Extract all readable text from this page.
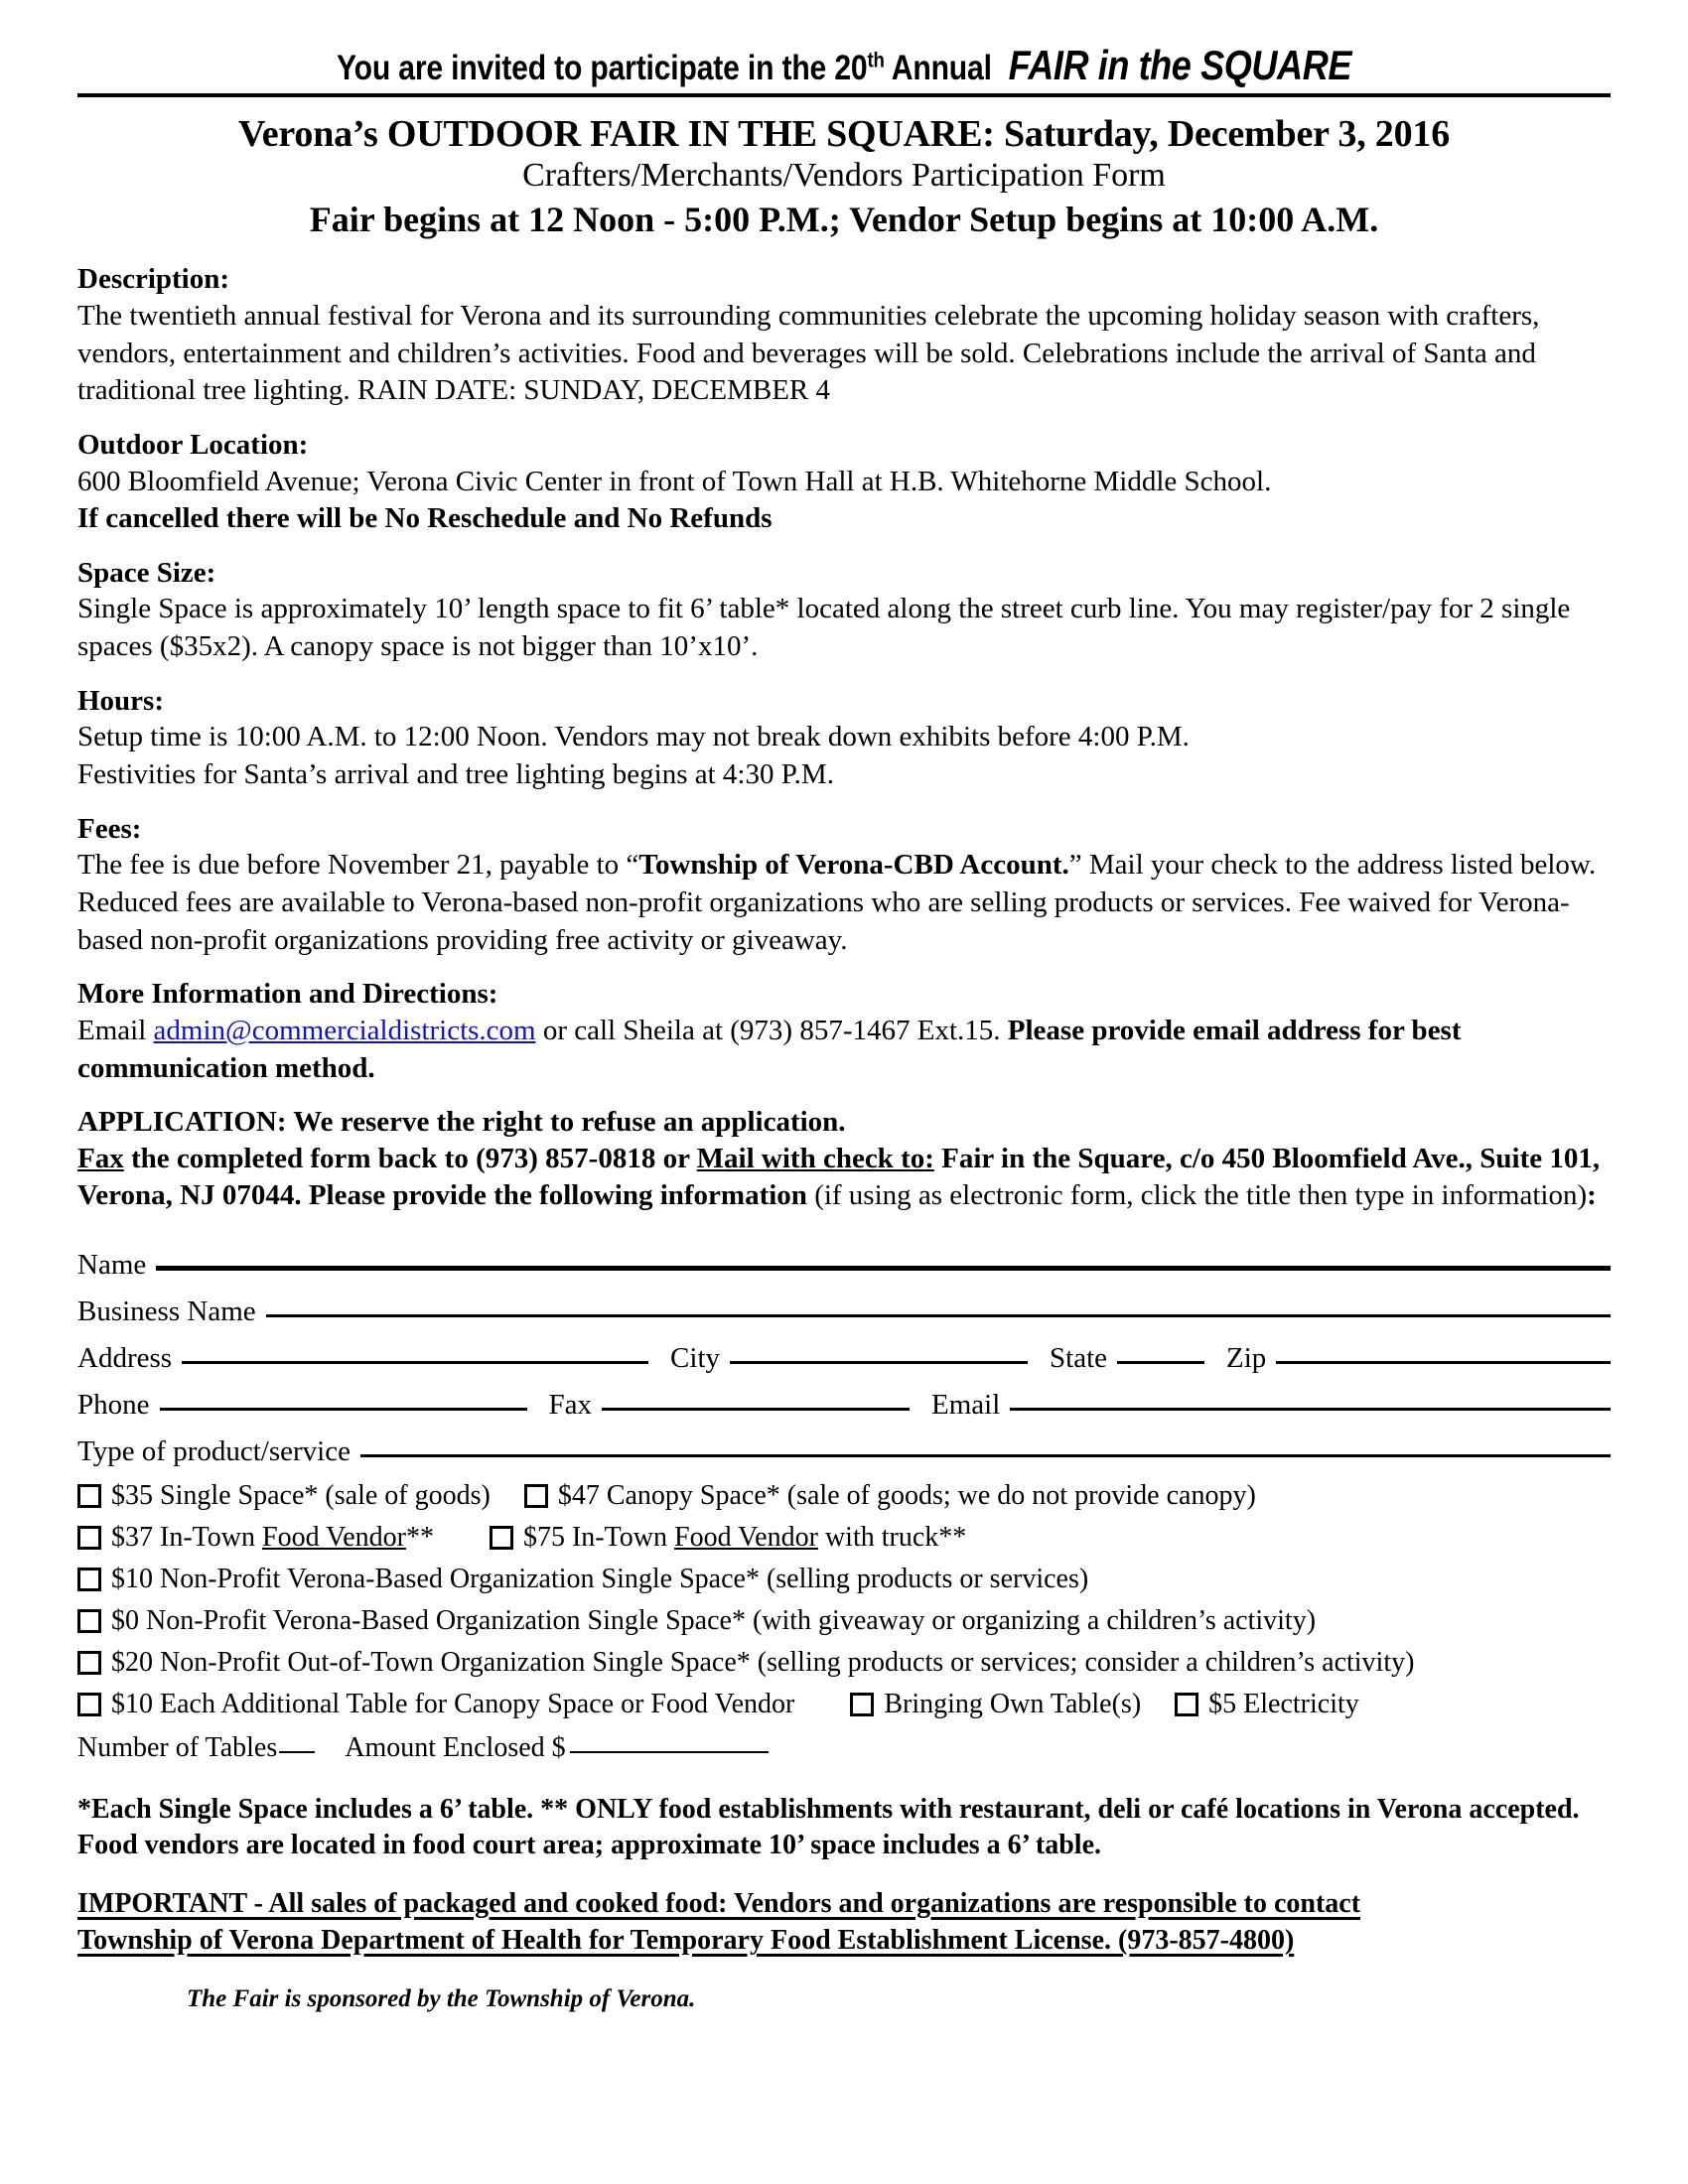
You are invited to participate in the 20th Annual FAIR in the SQUARE
Verona’s OUTDOOR FAIR IN THE SQUARE: Saturday, December 3, 2016
Crafters/Merchants/Vendors Participation Form
Fair begins at 12 Noon - 5:00 P.M.; Vendor Setup begins at 10:00 A.M.
Description:
The twentieth annual festival for Verona and its surrounding communities celebrate the upcoming holiday season with crafters, vendors, entertainment and children’s activities. Food and beverages will be sold. Celebrations include the arrival of Santa and traditional tree lighting. RAIN DATE: SUNDAY, DECEMBER 4
Outdoor Location:
600 Bloomfield Avenue; Verona Civic Center in front of Town Hall at H.B. Whitehorne Middle School.
If cancelled there will be No Reschedule and No Refunds
Space Size:
Single Space is approximately 10’ length space to fit 6’ table* located along the street curb line. You may register/pay for 2 single spaces ($35x2). A canopy space is not bigger than 10’x10’.
Hours:
Setup time is 10:00 A.M. to 12:00 Noon. Vendors may not break down exhibits before 4:00 P.M.
Festivities for Santa’s arrival and tree lighting begins at 4:30 P.M.
Fees:
The fee is due before November 21, payable to “Township of Verona-CBD Account.” Mail your check to the address listed below. Reduced fees are available to Verona-based non-profit organizations who are selling products or services. Fee waived for Verona-based non-profit organizations providing free activity or giveaway.
More Information and Directions:
Email admin@commercialdistricts.com or call Sheila at (973) 857-1467 Ext.15. Please provide email address for best communication method.
APPLICATION: We reserve the right to refuse an application.
Fax the completed form back to (973) 857-0818 or Mail with check to: Fair in the Square, c/o 450 Bloomfield Ave., Suite 101, Verona, NJ 07044. Please provide the following information (if using as electronic form, click the title then type in information):
Name
Business Name
Address	City	State	Zip
Phone	Fax	Email
Type of product/service
$35 Single Space* (sale of goods) $47 Canopy Space* (sale of goods; we do not provide canopy)
$37 In-Town Food Vendor**	$75 In-Town Food Vendor with truck**
$10 Non-Profit Verona-Based Organization Single Space* (selling products or services)
$0 Non-Profit Verona-Based Organization Single Space* (with giveaway or organizing a children’s activity)
$20 Non-Profit Out-of-Town Organization Single Space* (selling products or services; consider a children’s activity)
$10 Each Additional Table for Canopy Space or Food Vendor	Bringing Own Table(s) $5 Electricity
Number of Tables Amount Enclosed $
*Each Single Space includes a 6’ table. ** ONLY food establishments with restaurant, deli or café locations in Verona accepted. Food vendors are located in food court area; approximate 10’ space includes a 6’ table.
IMPORTANT - All sales of packaged and cooked food: Vendors and organizations are responsible to contact
Township of Verona Department of Health for Temporary Food Establishment License. (973-857-4800)
The Fair is sponsored by the Township of Verona.
